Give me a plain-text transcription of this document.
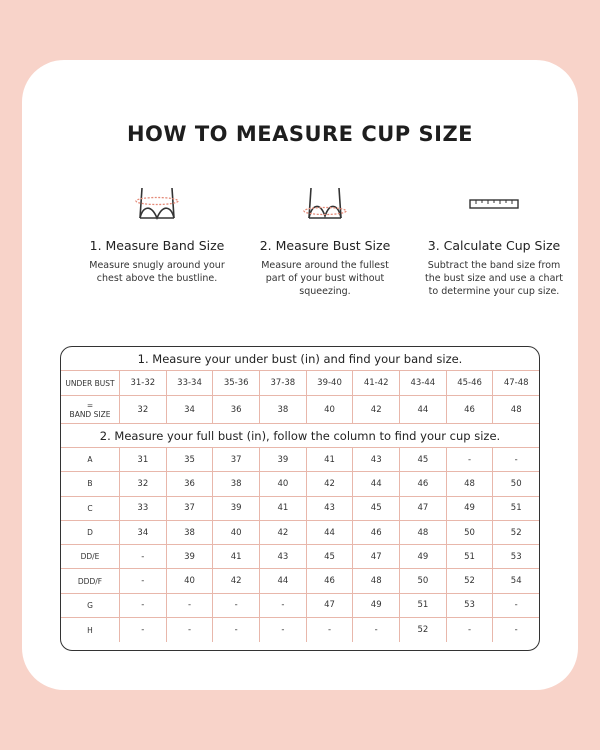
HOW TO MEASURE CUP SIZE
1. Measure Band Size

Measure snugly around your chest above the bustline.

2. Measure Bust Size

Measure around the fullest part of your bust without squeezing.

3. Calculate Cup Size

Subtract the band size from the bust size and use a chart to determine your cup size.

1. Measure your under bust (in) and find your band size.
UNDER BUST	31-32	33-34	35-36	37-38	39-40	41-42	43-44	45-46	47-48
=
BAND SIZE	32	34	36	38	40	42	44	46	48
2. Measure your full bust (in), follow the column to find your cup size.
A	31	35	37	39	41	43	45	-	-
B	32	36	38	40	42	44	46	48	50
C	33	37	39	41	43	45	47	49	51
D	34	38	40	42	44	46	48	50	52
DD/E	-	39	41	43	45	47	49	51	53
DDD/F	-	40	42	44	46	48	50	52	54
G	-	-	-	-	47	49	51	53	-
H	-	-	-	-	-	-	52	-	-
